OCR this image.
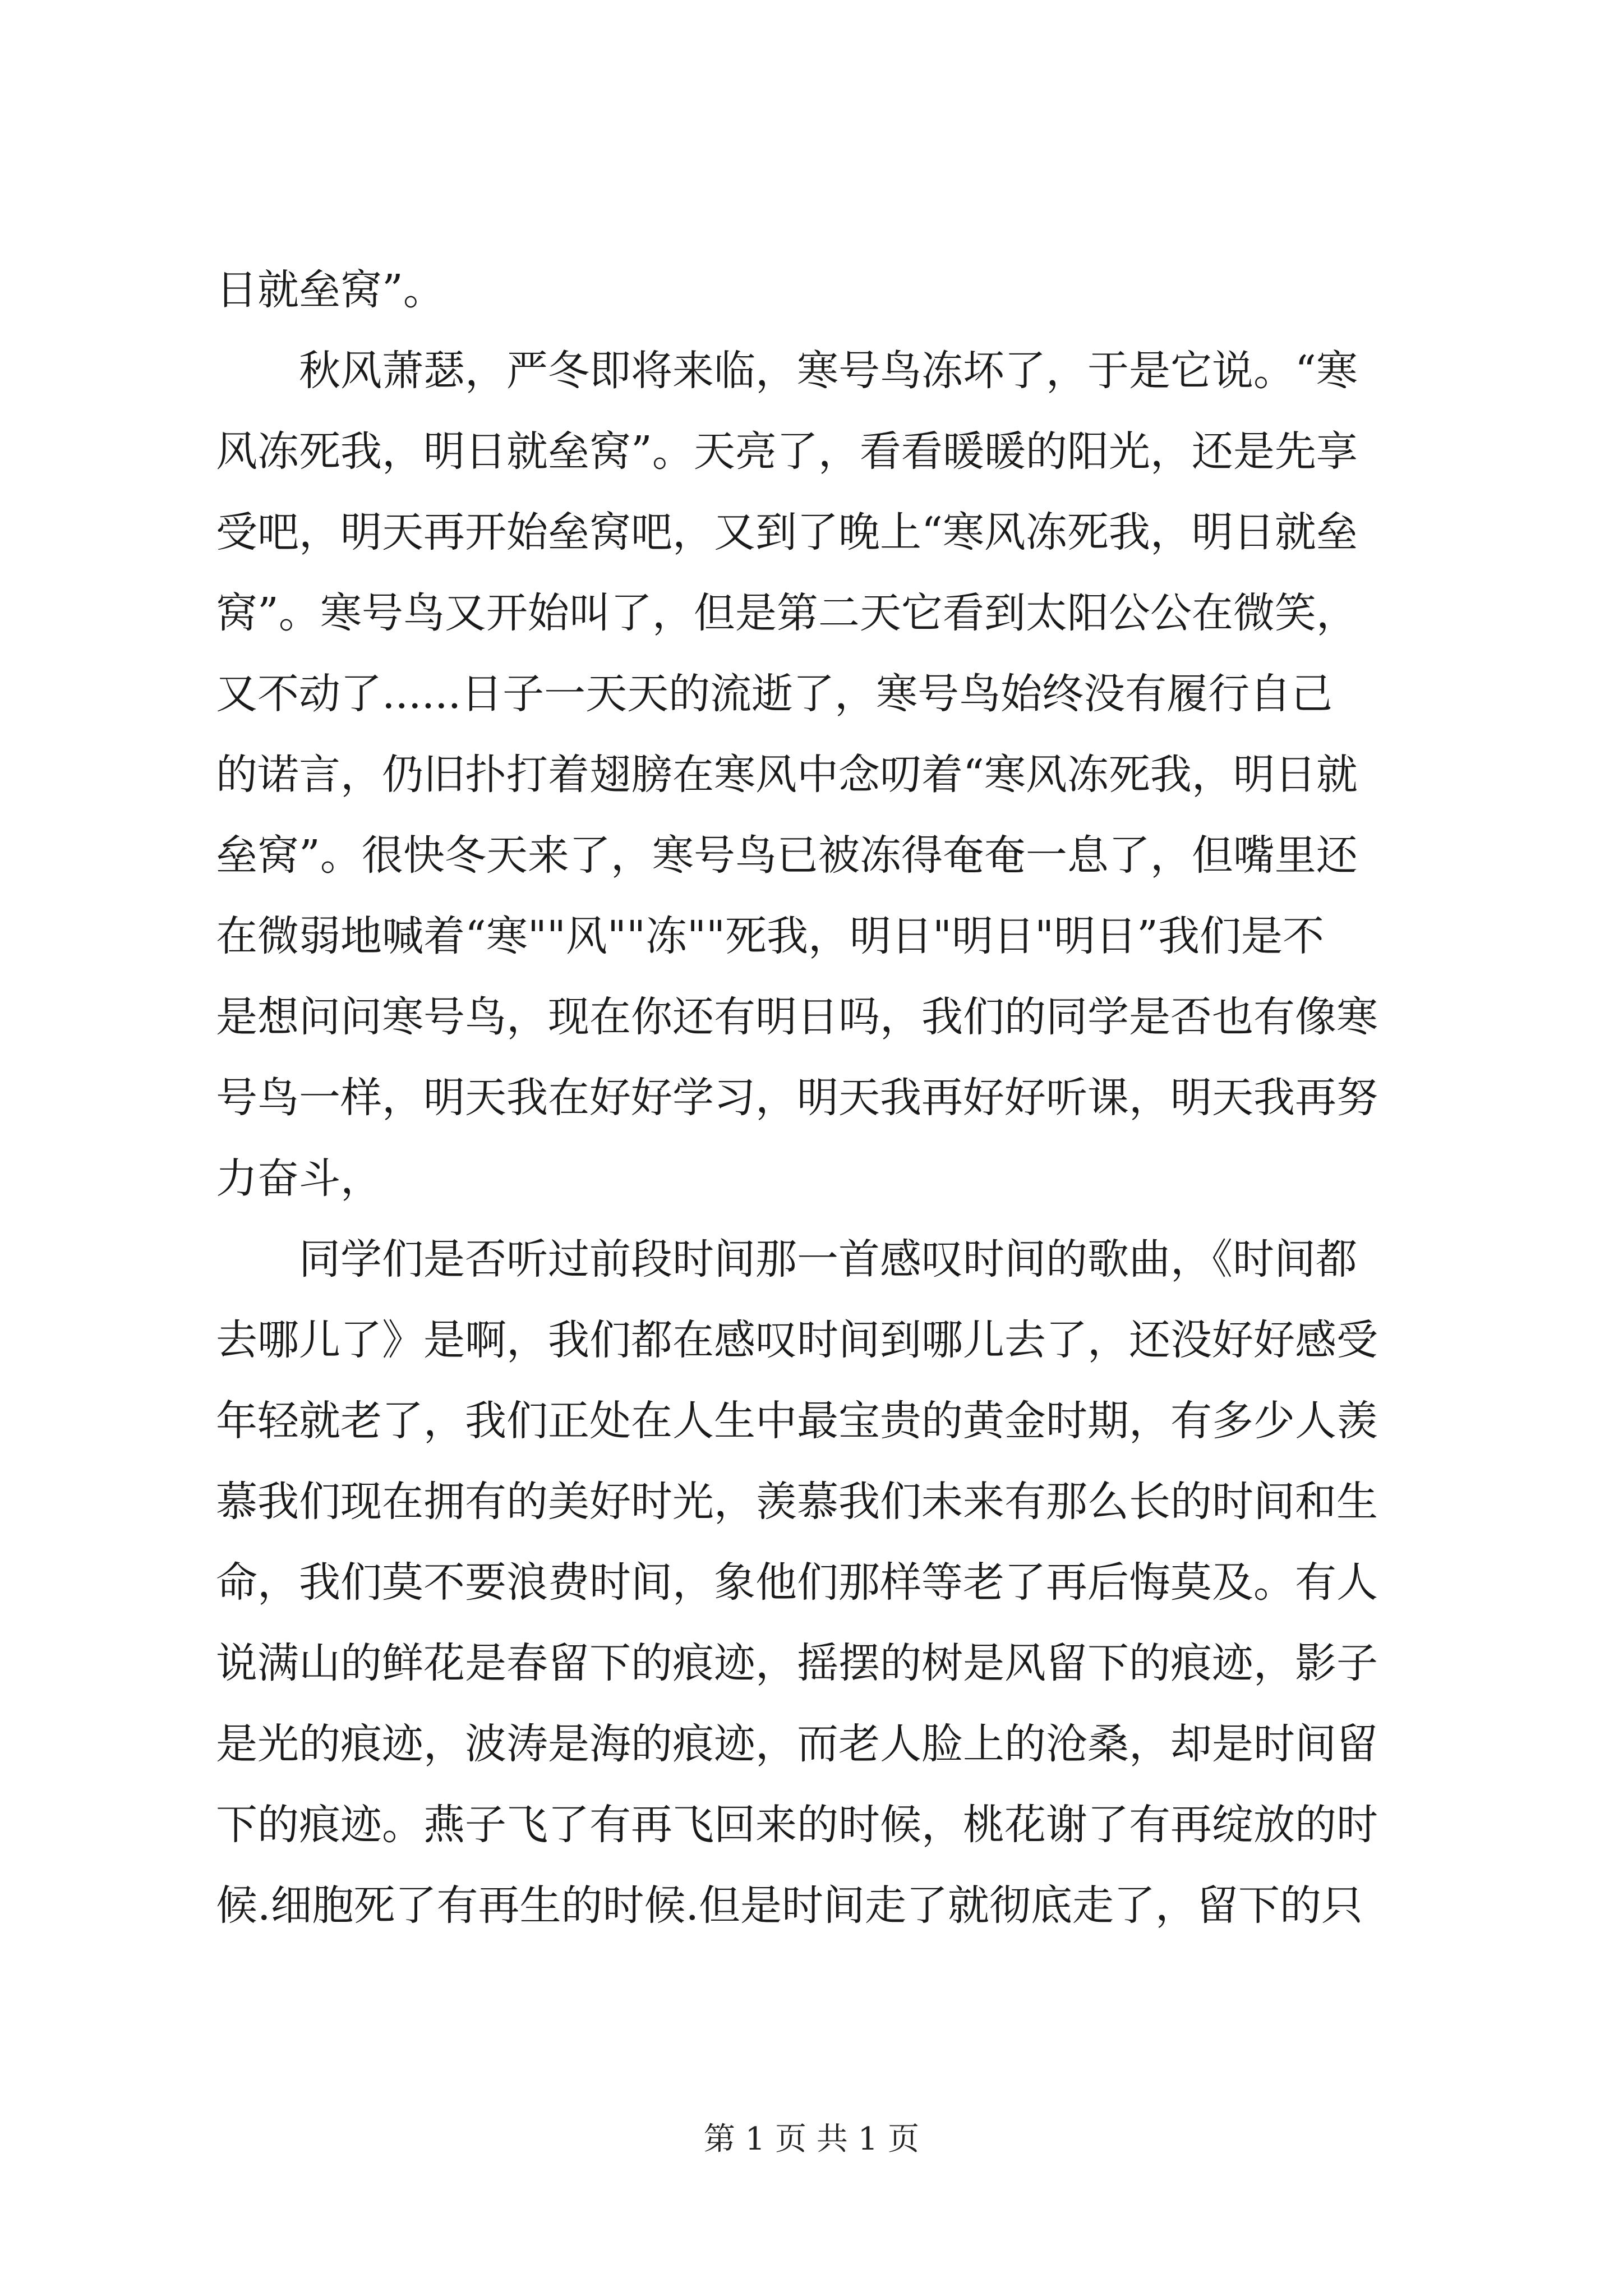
日就垒窝”。
秋风萧瑟，严冬即将来临，寒号鸟冻坏了，于是它说。“寒
风冻死我，明日就垒窝”。天亮了，看看暖暖的阳光，还是先享
受吧，明天再开始垒窝吧，又到了晚上“寒风冻死我，明日就垒
窝”。寒号鸟又开始叫了，但是第二天它看到太阳公公在微笑，
又不动了......日子一天天的流逝了，寒号鸟始终没有履行自己
的诺言，仍旧扑打着翅膀在寒风中念叨着“寒风冻死我，明日就
垒窝”。很快冬天来了，寒号鸟已被冻得奄奄一息了，但嘴里还
在微弱地喊着“寒""风""冻""死我，明日"明日"明日”我们是不
是想问问寒号鸟，现在你还有明日吗，我们的同学是否也有像寒
号鸟一样，明天我在好好学习，明天我再好好听课，明天我再努
力奋斗，
同学们是否听过前段时间那一首感叹时间的歌曲，《时间都
去哪儿了》是啊，我们都在感叹时间到哪儿去了，还没好好感受
年轻就老了，我们正处在人生中最宝贵的黄金时期，有多少人羡
慕我们现在拥有的美好时光，羡慕我们未来有那么长的时间和生
命，我们莫不要浪费时间，象他们那样等老了再后悔莫及。有人
说满山的鲜花是春留下的痕迹，摇摆的树是风留下的痕迹，影子
是光的痕迹，波涛是海的痕迹，而老人脸上的沧桑，却是时间留
下的痕迹。燕子飞了有再飞回来的时候，桃花谢了有再绽放的时
候.细胞死了有再生的时候.但是时间走了就彻底走了，留下的只
第 1 页 共 1 页
